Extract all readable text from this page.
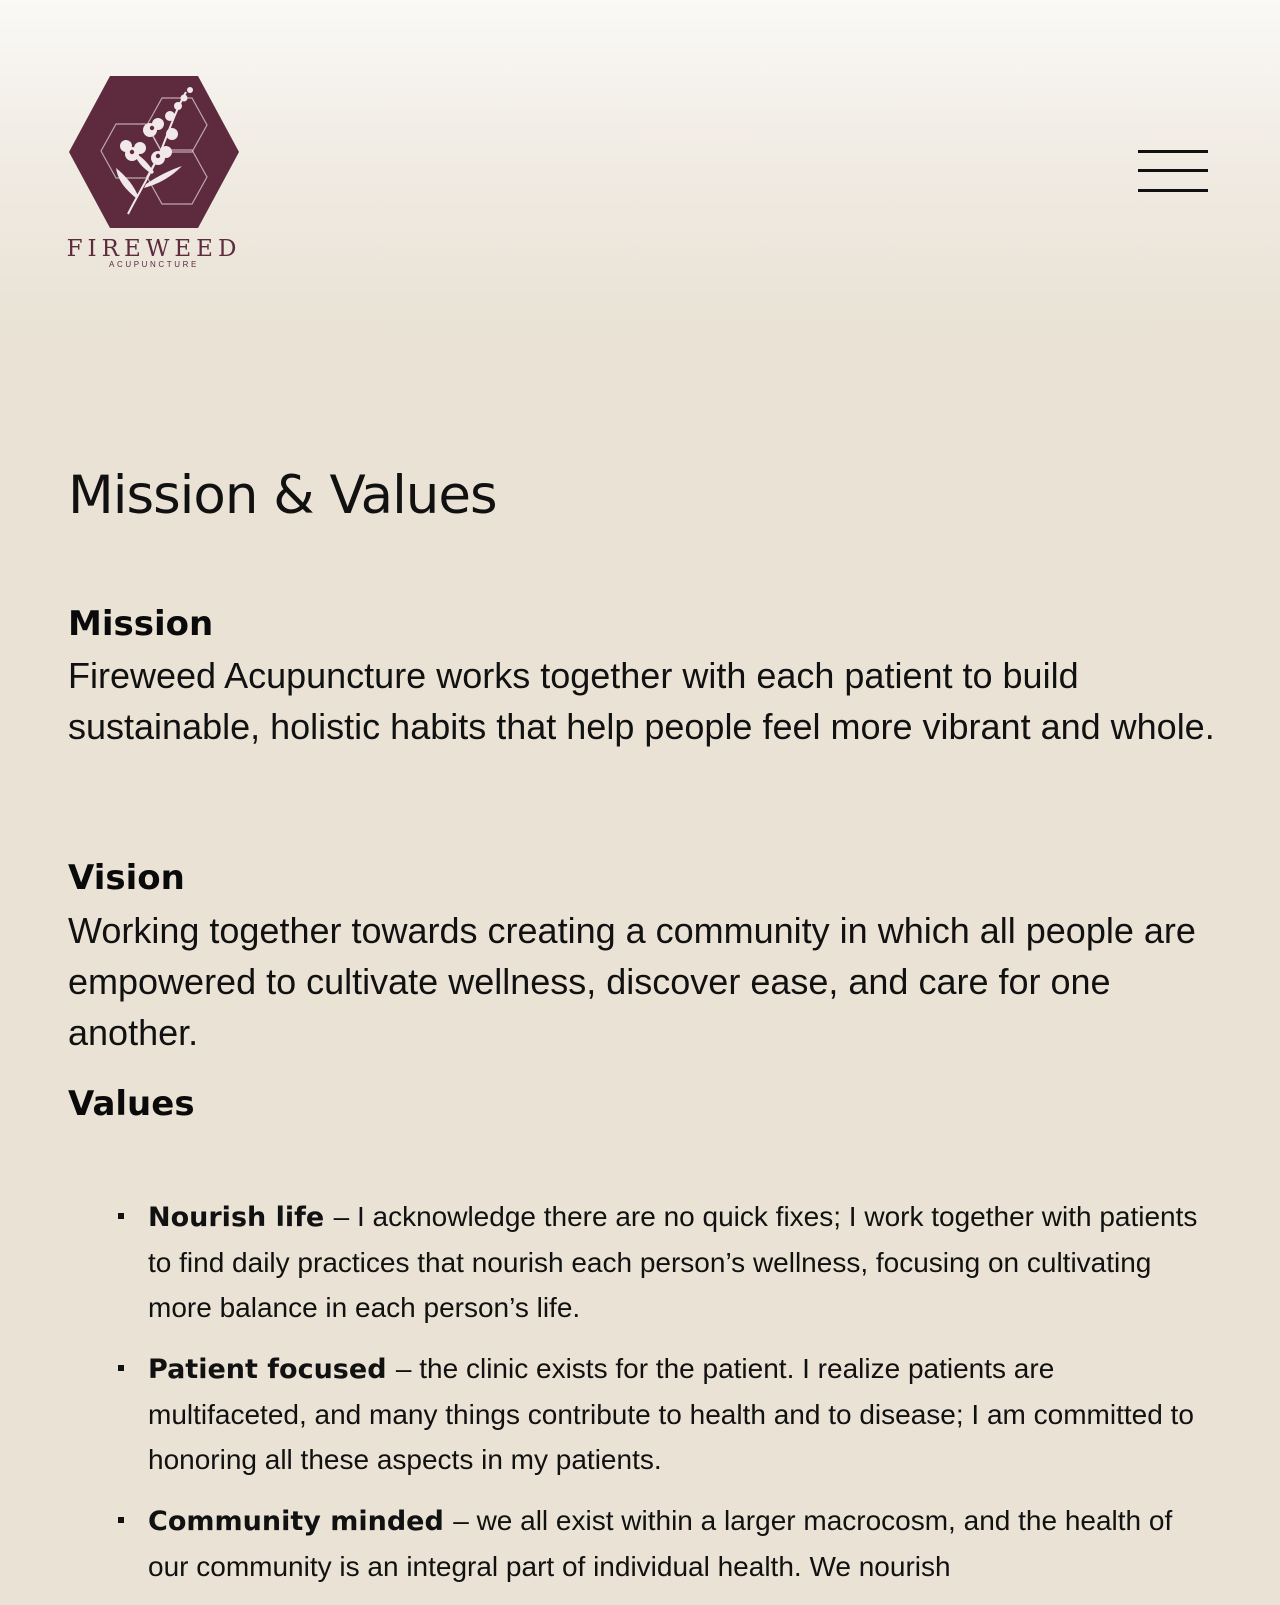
FIREWEED
ACUPUNCTURE
Mission & Values
Mission

Fireweed Acupuncture works together with each patient to build sustainable, holistic habits that help people feel more vibrant and whole.

Vision

Working together towards creating a community in which all people are empowered to cultivate wellness, discover ease, and care for one another.

Values
Nourish life – I acknowledge there are no quick fixes; I work together with patients to find daily practices that nourish each person’s wellness, focusing on cultivating more balance in each person’s life.
Patient focused – the clinic exists for the patient. I realize patients are multifaceted, and many things contribute to health and to disease; I am committed to honoring all these aspects in my patients.
Community minded – we all exist within a larger macrocosm, and the health of our community is an integral part of individual health. We nourish
